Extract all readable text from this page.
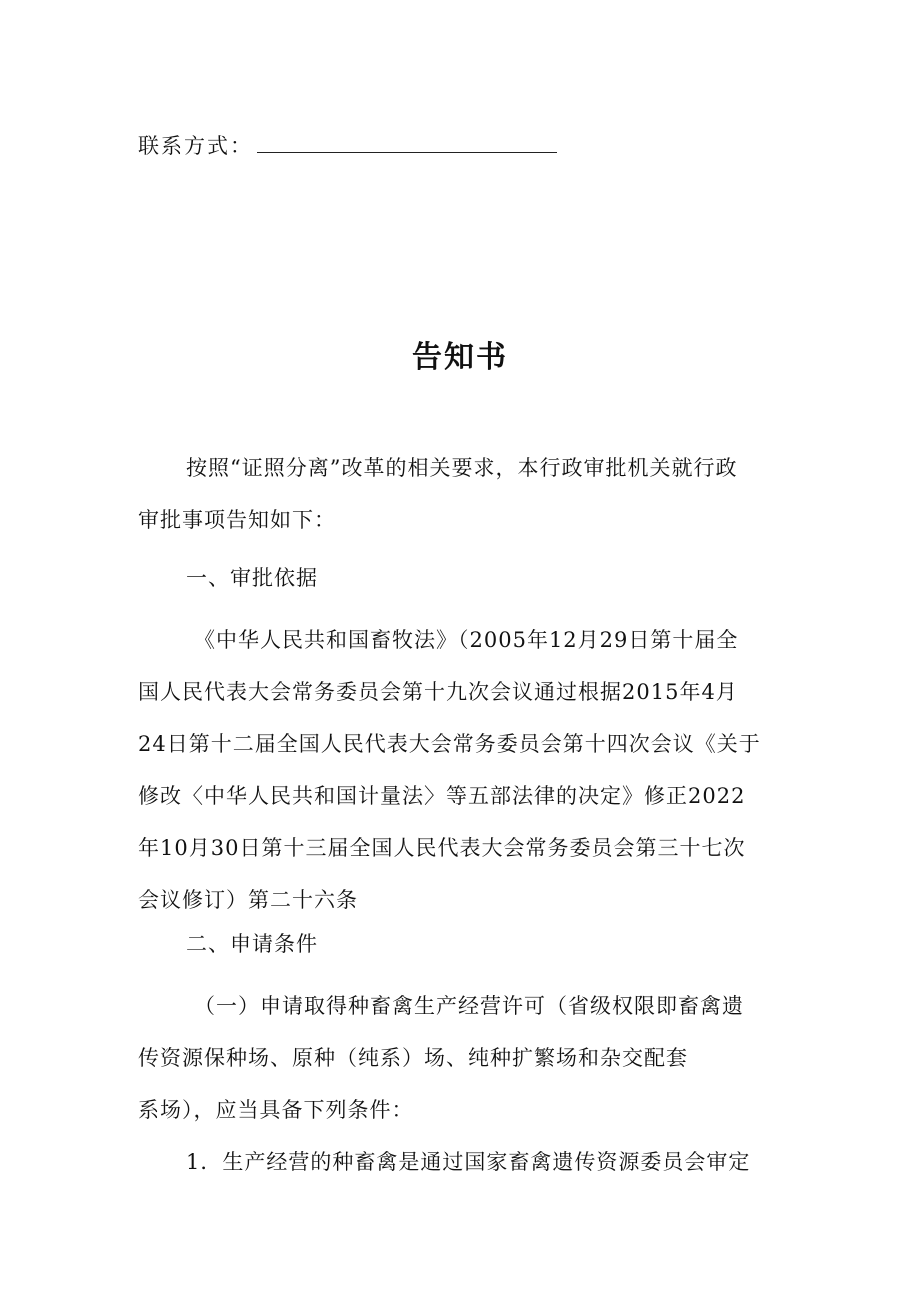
联系方式：
告知书
按照“证照分离”改革的相关要求，本行政审批机关就行政
审批事项告知如下：
一、审批依据
《中华人民共和国畜牧法》（2005年12月29日第十届全
国人民代表大会常务委员会第十九次会议通过根据2015年4月
24日第十二届全国人民代表大会常务委员会第十四次会议《关于
修改〈中华人民共和国计量法〉等五部法律的决定》修正2022
年10月30日第十三届全国人民代表大会常务委员会第三十七次
会议修订）第二十六条
二、申请条件
（一）申请取得种畜禽生产经营许可（省级权限即畜禽遗
传资源保种场、原种（纯系）场、纯种扩繁场和杂交配套
系场），应当具备下列条件：
1．生产经营的种畜禽是通过国家畜禽遗传资源委员会审定
